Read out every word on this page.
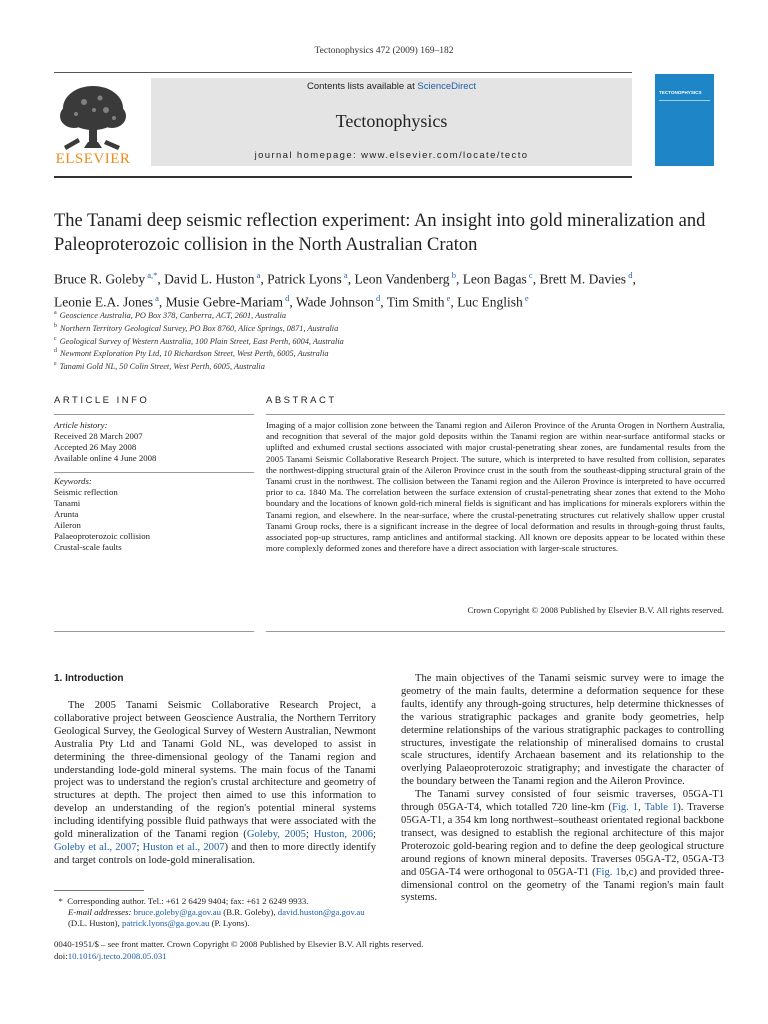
Tectonophysics 472 (2009) 169–182
ELSEVIER
Contents lists available at ScienceDirect
Tectonophysics
journal homepage: www.elsevier.com/locate/tecto
TECTONOPHYSICS
The Tanami deep seismic reflection experiment: An insight into gold mineralization and Paleoproterozoic collision in the North Australian Craton
Bruce R. Goleby $^{a,*}$, David L. Huston $^a$, Patrick Lyons $^a$, Leon Vandenberg $^b$, Leon Bagas $^c$, Brett M. Davies $^d$,
Leonie E.A. Jones $^a$, Musie Gebre-Mariam $^d$, Wade Johnson $^d$, Tim Smith $^e$, Luc English $^e$
$^a$ Geoscience Australia, PO Box 378, Canberra, ACT, 2601, Australia
$^b$ Northern Territory Geological Survey, PO Box 8760, Alice Springs, 0871, Australia
$^c$ Geological Survey of Western Australia, 100 Plain Street, East Perth, 6004, Australia
$^d$ Newmont Exploration Pty Ltd, 10 Richardson Street, West Perth, 6005, Australia
$^e$ Tanami Gold NL, 50 Colin Street, West Perth, 6005, Australia
ARTICLE INFO
Article history:
Received 28 March 2007
Accepted 26 May 2008
Available online 4 June 2008
Keywords:
Seismic reflection
Tanami
Arunta
Aileron
Palaeoproterozoic collision
Crustal-scale faults
ABSTRACT
Imaging of a major collision zone between the Tanami region and Aileron Province of the Arunta Orogen in Northern Australia, and recognition that several of the major gold deposits within the Tanami region are within near-surface antiformal stacks or uplifted and exhumed crustal sections associated with major crustal-penetrating shear zones, are fundamental results from the 2005 Tanami Seismic Collaborative Research Project. The suture, which is interpreted to have resulted from collision, separates the northwest-dipping structural grain of the Aileron Province crust in the south from the southeast-dipping structural grain of the Tanami crust in the northwest. The collision between the Tanami region and the Aileron Province is interpreted to have occurred prior to ca. 1840 Ma. The correlation between the surface extension of crustal-penetrating shear zones that extend to the Moho boundary and the locations of known gold-rich mineral fields is significant and has implications for minerals explorers within the Tanami region, and elsewhere. In the near-surface, where the crustal-penetrating structures cut relatively shallow upper crustal Tanami Group rocks, there is a significant increase in the degree of local deformation and results in through-going thrust faults, associated pop-up structures, ramp anticlines and antiformal stacking. All known ore deposits appear to be located within these more complexly deformed zones and therefore have a direct association with larger-scale structures.
Crown Copyright © 2008 Published by Elsevier B.V. All rights reserved.
1. Introduction

The 2005 Tanami Seismic Collaborative Research Project, a collaborative project between Geoscience Australia, the Northern Territory Geological Survey, the Geological Survey of Western Australian, Newmont Australia Pty Ltd and Tanami Gold NL, was developed to assist in determining the three-dimensional geology of the Tanami region and understanding lode-gold mineral systems. The main focus of the Tanami project was to understand the region's crustal architecture and geometry of structures at depth. The project then aimed to use this information to develop an understanding of the region's potential mineral systems including identifying possible fluid pathways that were associated with the gold mineralization of the Tanami region (Goleby, 2005; Huston, 2006; Goleby et al., 2007; Huston et al., 2007) and then to more directly identify and target controls on lode-gold mineralisation.

The main objectives of the Tanami seismic survey were to image the geometry of the main faults, determine a deformation sequence for these faults, identify any through-going structures, help determine thicknesses of the various stratigraphic packages and granite body geometries, help determine relationships of the various stratigraphic packages to controlling structures, investigate the relationship of mineralised domains to crustal scale structures, identify Archaean basement and its relationship to the overlying Palaeoproterozoic stratigraphy; and investigate the character of the boundary between the Tanami region and the Aileron Province.

The Tanami survey consisted of four seismic traverses, 05GA-T1 through 05GA-T4, which totalled 720 line-km (Fig. 1, Table 1). Traverse 05GA-T1, a 354 km long northwest–southeast orientated regional backbone transect, was designed to establish the regional architecture of this major Proterozoic gold-bearing region and to define the deep geological structure around regions of known mineral deposits. Traverses 05GA-T2, 05GA-T3 and 05GA-T4 were orthogonal to 05GA-T1 (Fig. 1b,c) and provided three-dimensional control on the geometry of the Tanami region's main fault systems.

* Corresponding author. Tel.: +61 2 6429 9404; fax: +61 2 6249 9933.
E-mail addresses: bruce.goleby@ga.gov.au (B.R. Goleby), david.huston@ga.gov.au (D.L. Huston), patrick.lyons@ga.gov.au (P. Lyons).
0040-1951/$ – see front matter. Crown Copyright © 2008 Published by Elsevier B.V. All rights reserved.
doi:10.1016/j.tecto.2008.05.031
